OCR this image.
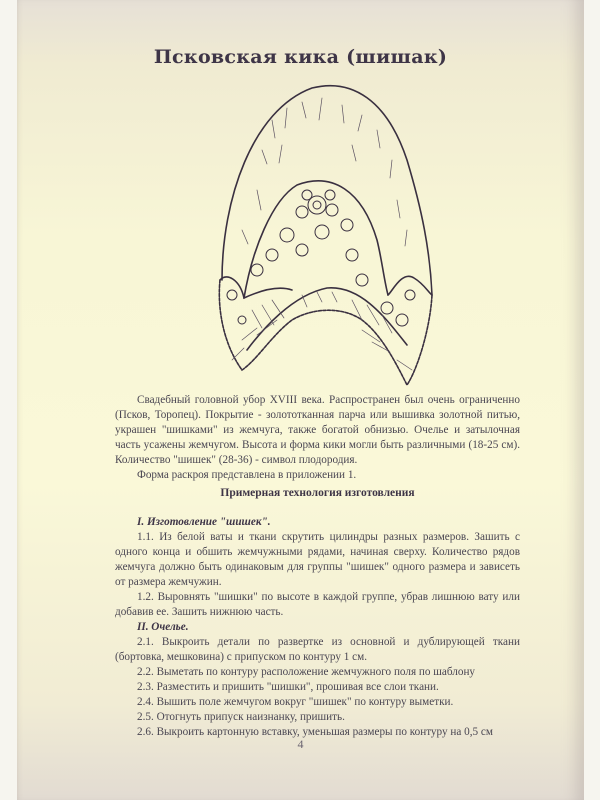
Псковская кика (шишак)

Свадебный головной убор XVIII века. Распространен был очень ограниченно (Псков, Торопец). Покрытие - золототканная парча или вышивка золотной питью, украшен "шишками" из жемчуга, также богатой обнизью. Очелье и затылочная часть усажены жемчугом. Высота и форма кики могли быть различными (18-25 см). Количество "шишек" (28-36) - символ плодородия.

Форма раскроя представлена в приложении 1.

Примерная технология изготовления

I. Изготовление "шишек".

1.1. Из белой ваты и ткани скрутить цилиндры разных размеров. Зашить с одного конца и обшить жемчужными рядами, начиная сверху. Количество рядов жемчуга должно быть одинаковым для группы "шишек" одного размера и зависеть от размера жемчужин.

1.2. Выровнять "шишки" по высоте в каждой группе, убрав лишнюю вату или добавив ее. Зашить нижнюю часть.

II. Очелье.

2.1. Выкроить детали по развертке из основной и дублирующей ткани (бортовка, мешковина) с припуском по контуру 1 см.

2.2. Выметать по контуру расположение жемчужного поля по шаблону

2.3. Разместить и пришить "шишки", прошивая все слои ткани.

2.4. Вышить поле жемчугом вокруг "шишек" по контуру выметки.

2.5. Отогнуть припуск наизнанку, пришить.

2.6. Выкроить картонную вставку, уменьшая размеры по контуру на 0,5 см

4
